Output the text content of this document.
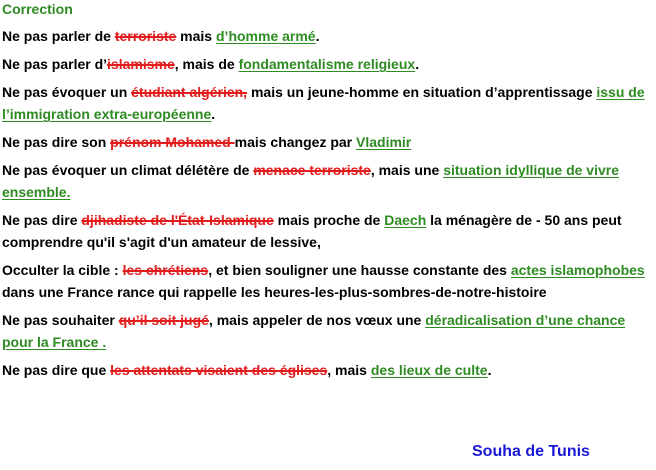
Correction

Ne pas parler de terroriste mais d’homme armé.

Ne pas parler d’islamisme, mais de fondamentalisme religieux.

Ne pas évoquer un étudiant algérien, mais un jeune-homme en situation d’apprentissage issu de l’immigration extra-européenne.

Ne pas dire son prénom Mohamed mais changez par Vladimir

Ne pas évoquer un climat délétère de menace terroriste, mais une situation idyllique de vivre ensemble.

Ne pas dire djihadiste de l'État-Islamique mais proche de Daech la ménagère de - 50 ans peut comprendre qu'il s'agit d'un amateur de lessive,

Occulter la cible : les chrétiens, et bien souligner une hausse constante des actes islamophobes dans une France rance qui rappelle les heures-les-plus-sombres-de-notre-histoire

Ne pas souhaiter qu’il soit jugé, mais appeler de nos vœux une déradicalisation d’une chance pour la France .

Ne pas dire que les attentats visaient des églises, mais des lieux de culte.

Souha de Tunis
